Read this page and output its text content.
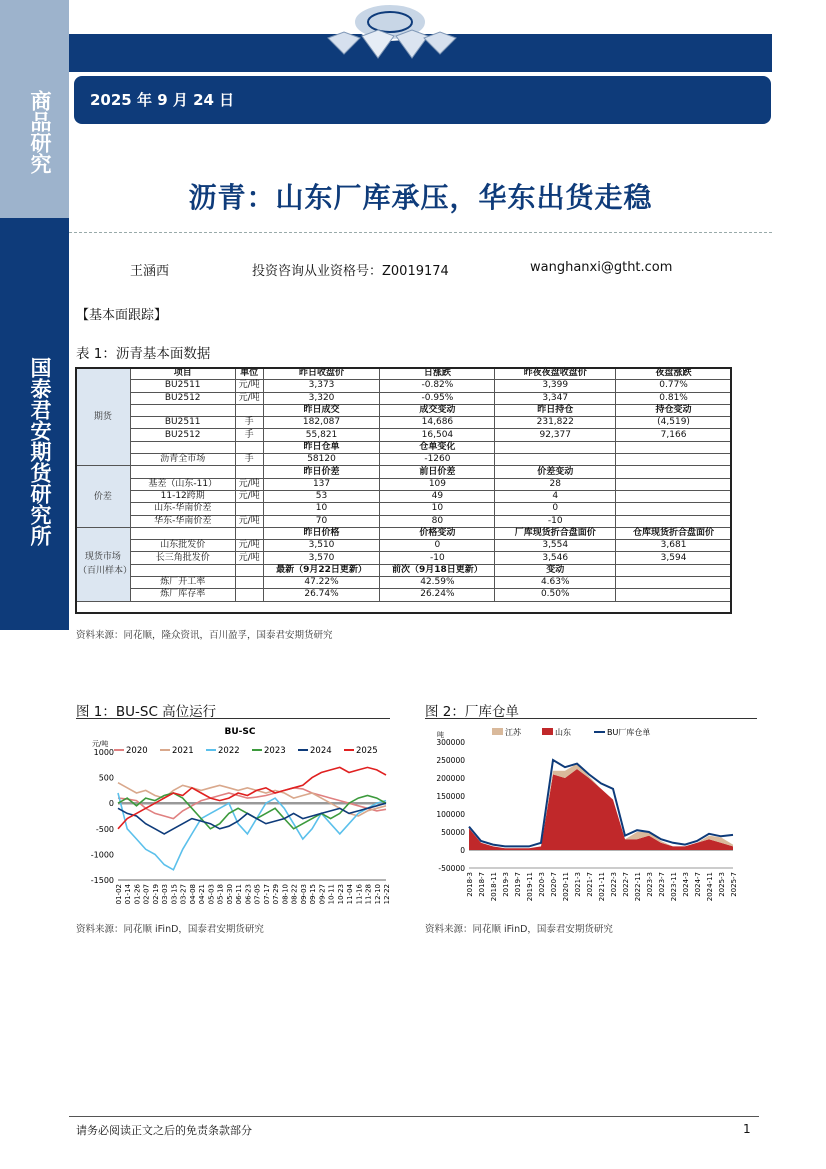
商品研究
国泰君安期货研究所
2025 年 9 月 24 日
沥青：山东厂库承压，华东出货走稳
王涵西	投资咨询从业资格号：Z0019174	wanghanxi@gtht.com
【基本面跟踪】
表 1：沥青基本面数据
期货	项目	单位	昨日收盘价	日涨跌	昨夜夜盘收盘价	夜盘涨跌
	BU2511	元/吨	3,373	-0.82%	3,399	0.77%
	BU2512	元/吨	3,320	-0.95%	3,347	0.81%
			昨日成交	成交变动	昨日持仓	持仓变动
	BU2511	手	182,087	14,686	231,822	(4,519)
	BU2512	手	55,821	16,504	92,377	7,166
			昨日仓单	仓单变化		
	沥青全市场	手	58120	-1260		
价差			昨日价差	前日价差	价差变动	
	基差（山东-11）	元/吨	137	109	28	
	11-12跨期	元/吨	53	49	4	
	山东-华南价差		10	10	0	
	华东-华南价差	元/吨	70	80	-10	
现货市场（百川样本）			昨日价格	价格变动	厂库现货折合盘面价	仓库现货折合盘面价
	山东批发价	元/吨	3,510	0	3,554	3,681
	长三角批发价	元/吨	3,570	-10	3,546	3,594
			最新（9月22日更新）	前次（9月18日更新）	变动	
	炼厂开工率		47.22%	42.59%	4.63%	
	炼厂库存率		26.74%	26.24%	0.50%	
资料来源：同花顺，隆众资讯，百川盈孚，国泰君安期货研究
图 1：BU-SC 高位运行
BU-SC
元/吨
1000
500
0
-500
-1000
-1500
01-02 01-14 01-26 02-07 02-19 03-03 03-15 03-27 04-08 04-21 05-03 05-18 05-30 06-11 06-23 07-05 07-17 07-29 08-10 08-22 09-03 09-15 09-27 10-11 10-23 11-04 11-16 11-28 12-10 12-22
2020	2021	2022	2023	2024	2025
资料来源：同花顺 iFinD，国泰君安期货研究
图 2：厂库仓单
吨
300000
250000
200000
150000
100000
50000
0
-50000
2018-3 2018-7 2018-11 2019-3 2019-7 2019-11 2020-3 2020-7 2020-11 2021-3 2021-7 2021-11 2022-3 2022-7 2022-11 2023-3 2023-7 2023-11 2024-3 2024-7 2024-11 2025-3 2025-7
江苏	山东	BU厂库仓单
资料来源：同花顺 iFinD，国泰君安期货研究
请务必阅读正文之后的免责条款部分	1
